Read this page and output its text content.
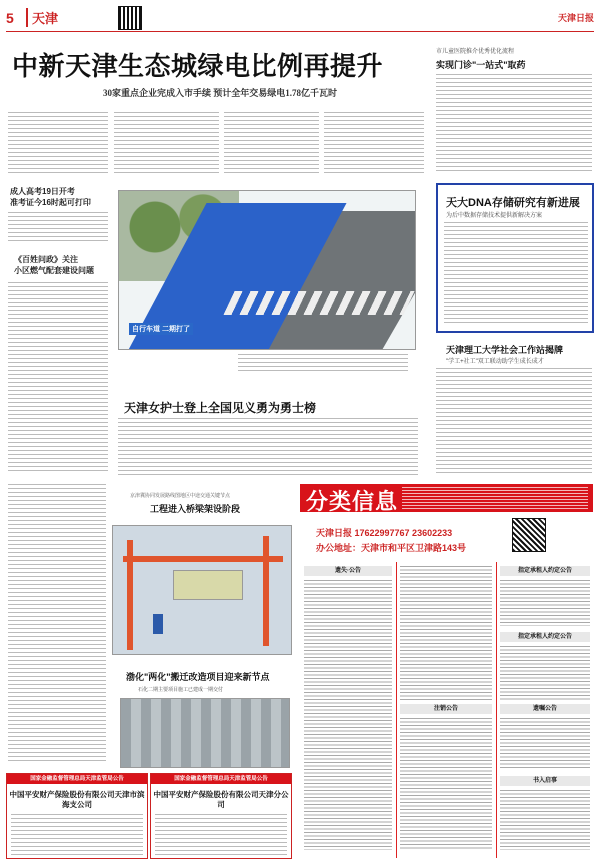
5	天津	天津日报
中新天津生态城绿电比例再提升
30家重点企业完成入市手续 预计全年交易绿电1.78亿千瓦时
成人高考19日开考
准考证今16时起可打印
《百姓问政》关注
小区燃气配套建设问题
自行车道 二期打了
天津女护士登上全国见义勇为勇士榜
市儿童医院推介优秀优化流程
实现门诊"一站式"取药
天大DNA存储研究有新进展
为后中数据存储技术提供新解决方案
天津理工大学社会工作站揭牌
"学工+社工"双工联动助学生成长成才
京津冀协同发展路线图地区中途交通关键节点
工程进入桥梁架设阶段
渤化"两化"搬迁改造项目迎来新节点
石化二期主要项目施工已建成一期交付
分类信息
天津日报 17622997767 23602233
办公地址：天津市和平区卫津路143号
遗失·公告
注销公告
指定承租人约定公告
指定承租人约定公告
遗嘱公告
书入启事
国家金融监督管理总局天津监管局公告
中国平安财产保险股份有限公司天津市滨海支公司
国家金融监督管理总局天津监管局公告
中国平安财产保险股份有限公司天津分公司
